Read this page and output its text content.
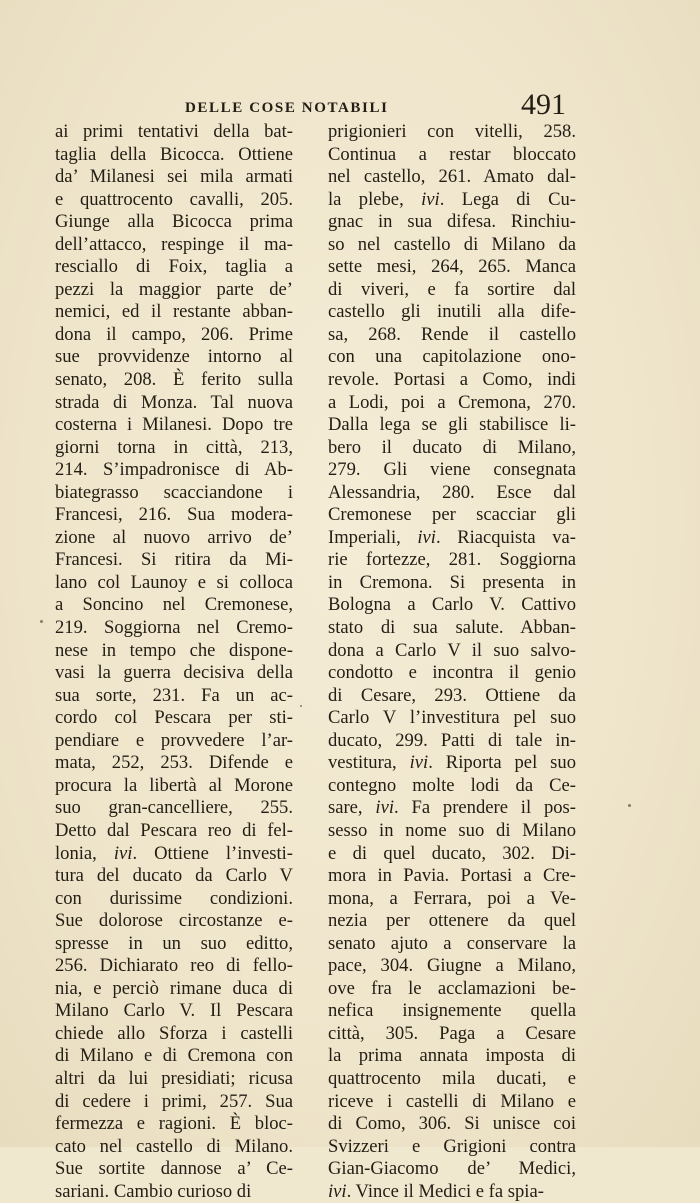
DELLE COSE NOTABILI	491
ai primi tentativi della bat-
taglia della Bicocca. Ottiene
da’ Milanesi sei mila armati
e quattrocento cavalli, 205.
Giunge alla Bicocca prima
dell’attacco, respinge il ma-
resciallo di Foix, taglia a
pezzi la maggior parte de’
nemici, ed il restante abban-
dona il campo, 206. Prime
sue provvidenze intorno al
senato, 208. È ferito sulla
strada di Monza. Tal nuova
costerna i Milanesi. Dopo tre
giorni torna in città, 213,
214. S’impadronisce di Ab-
biategrasso scacciandone i
Francesi, 216. Sua modera-
zione al nuovo arrivo de’
Francesi. Si ritira da Mi-
lano col Launoy e si colloca
a Soncino nel Cremonese,
219. Soggiorna nel Cremo-
nese in tempo che dispone-
vasi la guerra decisiva della
sua sorte, 231. Fa un ac-
cordo col Pescara per sti-
pendiare e provvedere l’ar-
mata, 252, 253. Difende e
procura la libertà al Morone
suo gran-cancelliere, 255.
Detto dal Pescara reo di fel-
lonia, ivi. Ottiene l’investi-
tura del ducato da Carlo V
con durissime condizioni.
Sue dolorose circostanze e-
spresse in un suo editto,
256. Dichiarato reo di fello-
nia, e perciò rimane duca di
Milano Carlo V. Il Pescara
chiede allo Sforza i castelli
di Milano e di Cremona con
altri da lui presidiati; ricusa
di cedere i primi, 257. Sua
fermezza e ragioni. È bloc-
cato nel castello di Milano.
Sue sortite dannose a’ Ce-
sariani. Cambio curioso di
prigionieri con vitelli, 258.
Continua a restar bloccato
nel castello, 261. Amato dal-
la plebe, ivi. Lega di Cu-
gnac in sua difesa. Rinchiu-
so nel castello di Milano da
sette mesi, 264, 265. Manca
di viveri, e fa sortire dal
castello gli inutili alla dife-
sa, 268. Rende il castello
con una capitolazione ono-
revole. Portasi a Como, indi
a Lodi, poi a Cremona, 270.
Dalla lega se gli stabilisce li-
bero il ducato di Milano,
279. Gli viene consegnata
Alessandria, 280. Esce dal
Cremonese per scacciar gli
Imperiali, ivi. Riacquista va-
rie fortezze, 281. Soggiorna
in Cremona. Si presenta in
Bologna a Carlo V. Cattivo
stato di sua salute. Abban-
dona a Carlo V il suo salvo-
condotto e incontra il genio
di Cesare, 293. Ottiene da
Carlo V l’investitura pel suo
ducato, 299. Patti di tale in-
vestitura, ivi. Riporta pel suo
contegno molte lodi da Ce-
sare, ivi. Fa prendere il pos-
sesso in nome suo di Milano
e di quel ducato, 302. Di-
mora in Pavia. Portasi a Cre-
mona, a Ferrara, poi a Ve-
nezia per ottenere da quel
senato ajuto a conservare la
pace, 304. Giugne a Milano,
ove fra le acclamazioni be-
nefica insignemente quella
città, 305. Paga a Cesare
la prima annata imposta di
quattrocento mila ducati, e
riceve i castelli di Milano e
di Como, 306. Si unisce coi
Svizzeri e Grigioni contra
Gian-Giacomo de’ Medici,
ivi. Vince il Medici e fa spia-
